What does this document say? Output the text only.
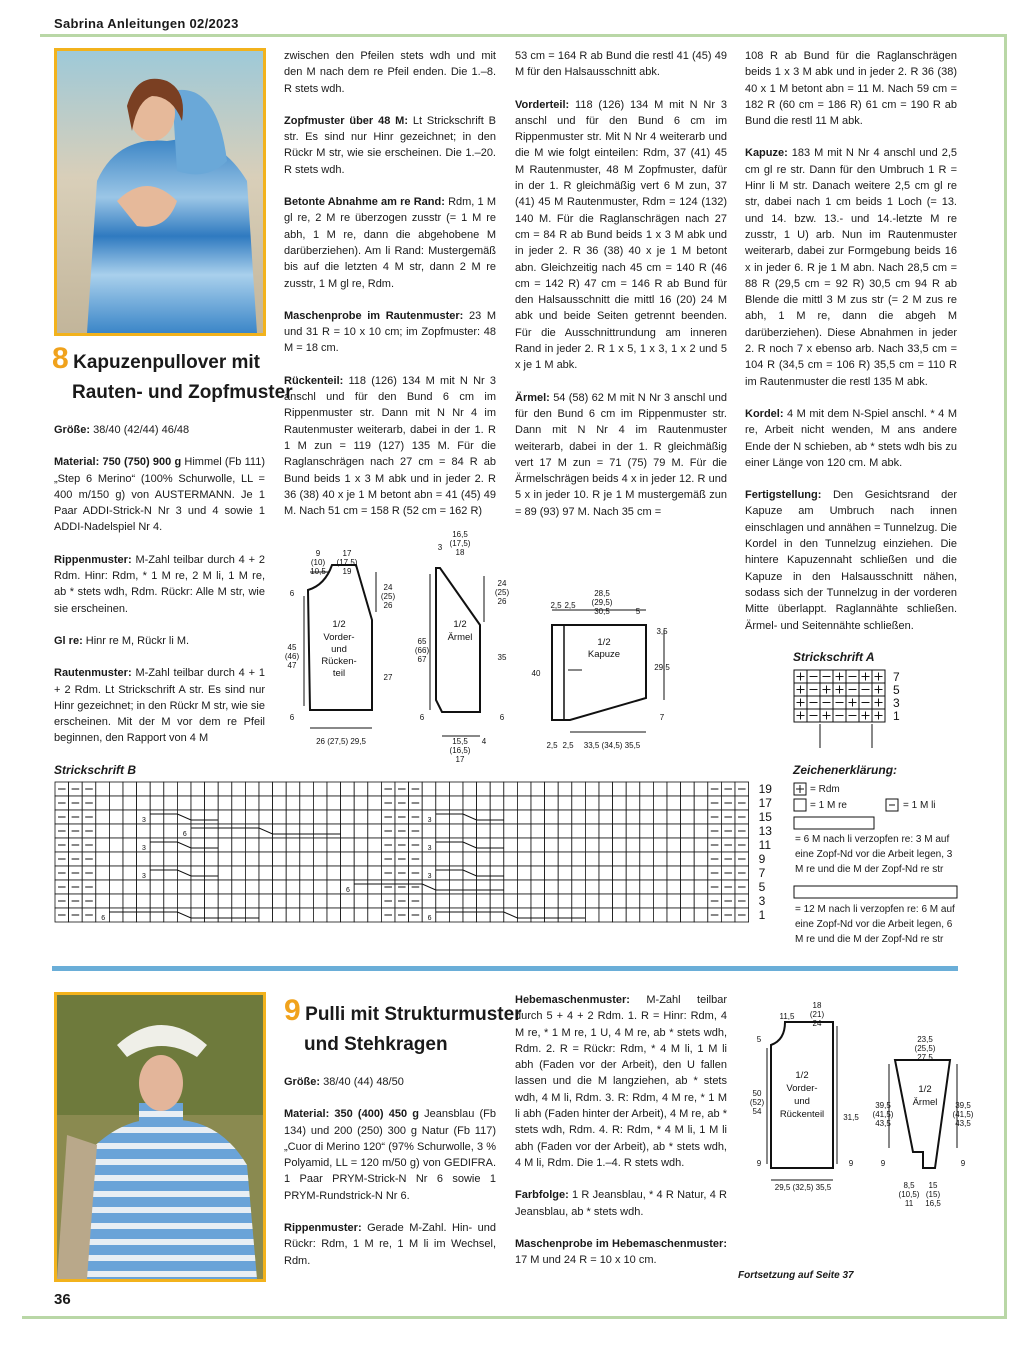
Sabrina Anleitungen 02/2023
8 Kapuzenpullover mit
Rauten- und Zopfmuster

Größe: 38/40 (42/44) 46/48

Material: 750 (750) 900 g Himmel (Fb 111) „Step 6 Merino“ (100% Schurwolle, LL = 400 m/150 g) von AUSTERMANN. Je 1 Paar ADDI-Strick-N Nr 3 und 4 sowie 1 ADDI-Nadelspiel Nr 4.

Rippenmuster: M-Zahl teilbar durch 4 + 2 Rdm. Hinr: Rdm, * 1 M re, 2 M li, 1 M re, ab * stets wdh, Rdm. Rückr: Alle M str, wie sie erscheinen.

Gl re: Hinr re M, Rückr li M.

Rautenmuster: M-Zahl teilbar durch 4 + 1 + 2 Rdm. Lt Strickschrift A str. Es sind nur Hinr gezeichnet; in den Rückr M str, wie sie erscheinen. Mit der M vor dem re Pfeil beginnen, den Rapport von 4 M

zwischen den Pfeilen stets wdh und mit den M nach dem re Pfeil enden. Die 1.–8. R stets wdh.

Zopfmuster über 48 M: Lt Strickschrift B str. Es sind nur Hinr gezeichnet; in den Rückr M str, wie sie erscheinen. Die 1.–20. R stets wdh.

Betonte Abnahme am re Rand: Rdm, 1 M gl re, 2 M re überzogen zusstr (= 1 M re abh, 1 M re, dann die abgehobene M darüberziehen). Am li Rand: Mustergemäß bis auf die letzten 4 M str, dann 2 M re zusstr, 1 M gl re, Rdm.

Maschenprobe im Rautenmuster: 23 M und 31 R = 10 x 10 cm; im Zopfmuster: 48 M = 18 cm.

Rückenteil: 118 (126) 134 M mit N Nr 3 anschl und für den Bund 6 cm im Rippenmuster str. Dann mit N Nr 4 im Rautenmuster weiterarb, dabei in der 1. R 1 M zun = 119 (127) 135 M. Für die Raglanschrägen nach 27 cm = 84 R ab Bund beids 1 x 3 M abk und in jeder 2. R 36 (38) 40 x je 1 M betont abn = 41 (45) 49 M. Nach 51 cm = 158 R (52 cm = 162 R)

53 cm = 164 R ab Bund die restl 41 (45) 49 M für den Halsausschnitt abk.

Vorderteil: 118 (126) 134 M mit N Nr 3 anschl und für den Bund 6 cm im Rippenmuster str. Mit N Nr 4 weiterarb und die M wie folgt einteilen: Rdm, 37 (41) 45 M Rautenmuster, 48 M Zopfmuster, dafür in der 1. R gleichmäßig vert 6 M zun, 37 (41) 45 M Rautenmuster, Rdm = 124 (132) 140 M. Für die Raglanschrägen nach 27 cm = 84 R ab Bund beids 1 x 3 M abk und in jeder 2. R 36 (38) 40 x je 1 M betont abn. Gleichzeitig nach 45 cm = 140 R (46 cm = 142 R) 47 cm = 146 R ab Bund für den Halsausschnitt die mittl 16 (20) 24 M abk und beide Seiten getrennt beenden. Für die Ausschnittrundung am inneren Rand in jeder 2. R 1 x 5, 1 x 3, 1 x 2 und 5 x je 1 M abk.

Ärmel: 54 (58) 62 M mit N Nr 3 anschl und für den Bund 6 cm im Rippenmuster str. Dann mit N Nr 4 im Rautenmuster weiterarb, dabei in der 1. R gleichmäßig vert 17 M zun = 71 (75) 79 M. Für die Ärmelschrägen beids 4 x in jeder 12. R und 5 x in jeder 10. R je 1 M mustergemäß zun = 89 (93) 97 M. Nach 35 cm =

108 R ab Bund für die Raglanschrägen beids 1 x 3 M abk und in jeder 2. R 36 (38) 40 x 1 M betont abn = 11 M. Nach 59 cm = 182 R (60 cm = 186 R) 61 cm = 190 R ab Bund die restl 11 M abk.

Kapuze: 183 M mit N Nr 4 anschl und 2,5 cm gl re str. Dann für den Umbruch 1 R = Hinr li M str. Danach weitere 2,5 cm gl re str, dabei nach 1 cm beids 1 Loch (= 13. und 14. bzw. 13.- und 14.-letzte M re zusstr, 1 U) arb. Nun im Rautenmuster weiterarb, dabei zur Formgebung beids 16 x in jeder 6. R je 1 M abn. Nach 28,5 cm = 88 R (29,5 cm = 92 R) 30,5 cm 94 R ab Blende die mittl 3 M zus str (= 2 M zus re abh, 1 M re, dann die abgeh M darüberziehen). Diese Abnahmen in jeder 2. R noch 7 x ebenso arb. Nach 33,5 cm = 104 R (34,5 cm = 106 R) 35,5 cm = 110 R im Rautenmuster die restl 135 M abk.

Kordel: 4 M mit dem N-Spiel anschl. * 4 M re, Arbeit nicht wenden, M ans andere Ende der N schieben, ab * stets wdh bis zu einer Länge von 120 cm. M abk.

Fertigstellung: Den Gesichtsrand der Kapuze am Umbruch nach innen einschlagen und annähen = Tunnelzug. Die Kordel in den Tunnelzug einziehen. Die hintere Kapuzennaht schließen und die Kapuze in den Halsausschnitt nähen, sodass sich der Tunnelzug in der vorderen Mitte überlappt. Raglannähte schließen. Ärmel- und Seitennähte schließen.

1/2
Vorder-
und
Rücken-
teil
1/2
Ärmel	1/2
Kapuze
9
(10)
10,5
17
(17,5)
19
24
(25)
26
45
(46)
47
27
6
6
26 (27,5) 29,5
16,5
(17,5)
18
3
24
(25)
26
65
(66)
67	35
6	6
4
15,5
(16,5)
17
2,5 2,5
28,5
(29,5)
30,5	5
3,5
40
29,5
7
2,5 2,5 33,5 (34,5) 35,5
Strickschrift A
7
5
3
1
Strickschrift B
19
17
15
13
11
9
7
5
3
1
3
3
3
3
3
3
6
6	6
6
Zeichenerklärung:
= Rdm
= 1 M re	= 1 M li
= 6 M nach li verzopfen re: 3 M auf eine Zopf-Nd vor die Arbeit legen, 3 M re und die M der Zopf-Nd re str
= 12 M nach li verzopfen re: 6 M auf eine Zopf-Nd vor die Arbeit legen, 6 M re und die M der Zopf-Nd re str
9 Pulli mit Strukturmuster
und Stehkragen

Größe: 38/40 (44) 48/50

Material: 350 (400) 450 g Jeansblau (Fb 134) und 200 (250) 300 g Natur (Fb 117) „Cuor di Merino 120“ (97% Schurwolle, 3 % Polyamid, LL = 120 m/50 g) von GEDIFRA. 1 Paar PRYM-Strick-N Nr 6 sowie 1 PRYM-Rundstrick-N Nr 6.

Rippenmuster: Gerade M-Zahl. Hin- und Rückr: Rdm, 1 M re, 1 M li im Wechsel, Rdm.

Hebemaschenmuster: M-Zahl teilbar durch 5 + 4 + 2 Rdm. 1. R = Hinr: Rdm, 4 M re, * 1 M re, 1 U, 4 M re, ab * stets wdh, Rdm. 2. R = Rückr: Rdm, * 4 M li, 1 M li abh (Faden vor der Arbeit), den U fallen lassen und die M langziehen, ab * stets wdh, 4 M li, Rdm. 3. R: Rdm, 4 M re, * 1 M li abh (Faden hinter der Arbeit), 4 M re, ab * stets wdh, Rdm. 4. R: Rdm, * 4 M li, 1 M li abh (Faden vor der Arbeit), ab * stets wdh, 4 M li, Rdm. Die 1.–4. R stets wdh.

Farbfolge: 1 R Jeansblau, * 4 R Natur, 4 R Jeansblau, ab * stets wdh.

Maschenprobe im Hebemaschenmuster: 17 M und 24 R = 10 x 10 cm.

1/2
Vorder-
und
Rückenteil
1/2
Ärmel
18
(21)
24
11,5
5
50
(52)
54
31,5
9	9
29,5 (32,5) 35,5
23,5
(25,5)
27,5
39,5
(41,5)
43,5
39,5
(41,5)
43,5
9	9
8,5
(10,5)
11
15
(15)
16,5
Fortsetzung auf Seite 37
36
